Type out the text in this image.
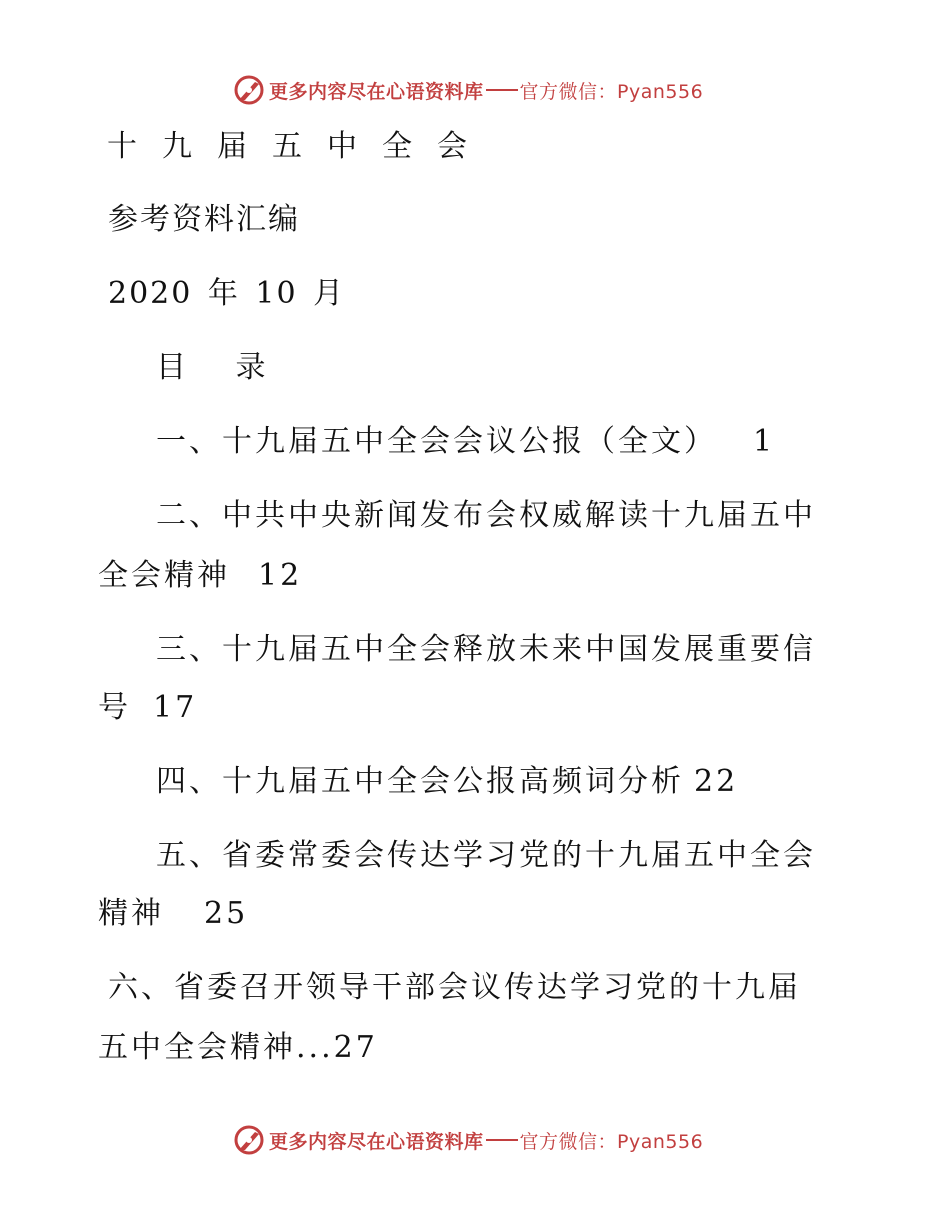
更多内容尽在心语资料库 官方微信：Pyan556
十九届五中全会
参考资料汇编
2020 年 10 月
目 录
一、十九届五中全会会议公报（全文） 1
二、中共中央新闻发布会权威解读十九届五中
全会精神 12
三、十九届五中全会释放未来中国发展重要信
号 17
四、十九届五中全会公报高频词分析 22
五、省委常委会传达学习党的十九届五中全会
精神 25
六、省委召开领导干部会议传达学习党的十九届
五中全会精神...27
更多内容尽在心语资料库 官方微信：Pyan556
